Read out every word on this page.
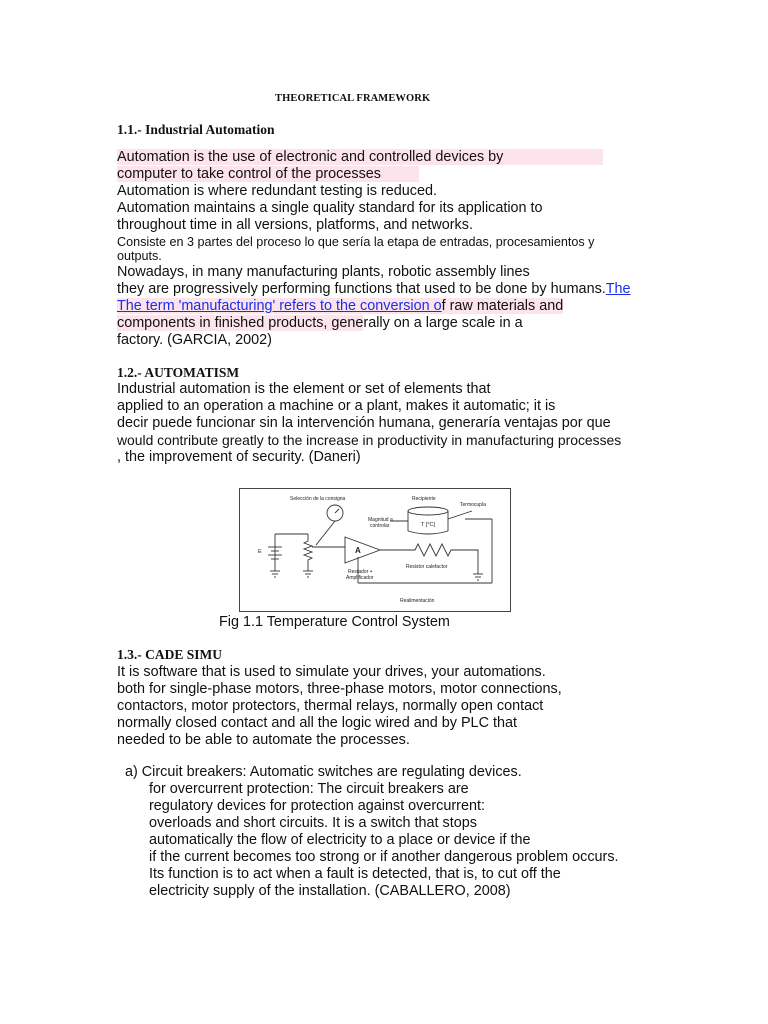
THEORETICAL FRAMEWORK
1.1.- Industrial Automation
Automation is the use of electronic and controlled devices by
computer to take control of the processes
Automation is where redundant testing is reduced.
Automation maintains a single quality standard for its application to
throughout time in all versions, platforms, and networks.
Consiste en 3 partes del proceso lo que sería la etapa de entradas, procesamientos y
outputs.
Nowadays, in many manufacturing plants, robotic assembly lines
they are progressively performing functions that used to be done by humans.The
The term 'manufacturing' refers to the conversion of raw materials and
components in finished products, generally on a large scale in a
factory. (GARCIA, 2002)
1.2.- AUTOMATISM
Industrial automation is the element or set of elements that
applied to an operation a machine or a plant, makes it automatic; it is
decir puede funcionar sin la intervención humana, generaría ventajas por que
would contribute greatly to the increase in productivity in manufacturing processes
, the improvement of security. (Daneri)
Selección de la consigna	Recipiente
Termocupla
Magnitud a
controlar	T [°C]
E	A
Restador +
Amplificador
Resistor calefactor
Realimentación
Fig 1.1 Temperature Control System
1.3.- CADE SIMU
It is software that is used to simulate your drives, your automations.
both for single-phase motors, three-phase motors, motor connections,
contactors, motor protectors, thermal relays, normally open contact
normally closed contact and all the logic wired and by PLC that
needed to be able to automate the processes.
a) Circuit breakers: Automatic switches are regulating devices.
for overcurrent protection: The circuit breakers are
regulatory devices for protection against overcurrent:
overloads and short circuits. It is a switch that stops
automatically the flow of electricity to a place or device if the
if the current becomes too strong or if another dangerous problem occurs.
Its function is to act when a fault is detected, that is, to cut off the
electricity supply of the installation. (CABALLERO, 2008)
